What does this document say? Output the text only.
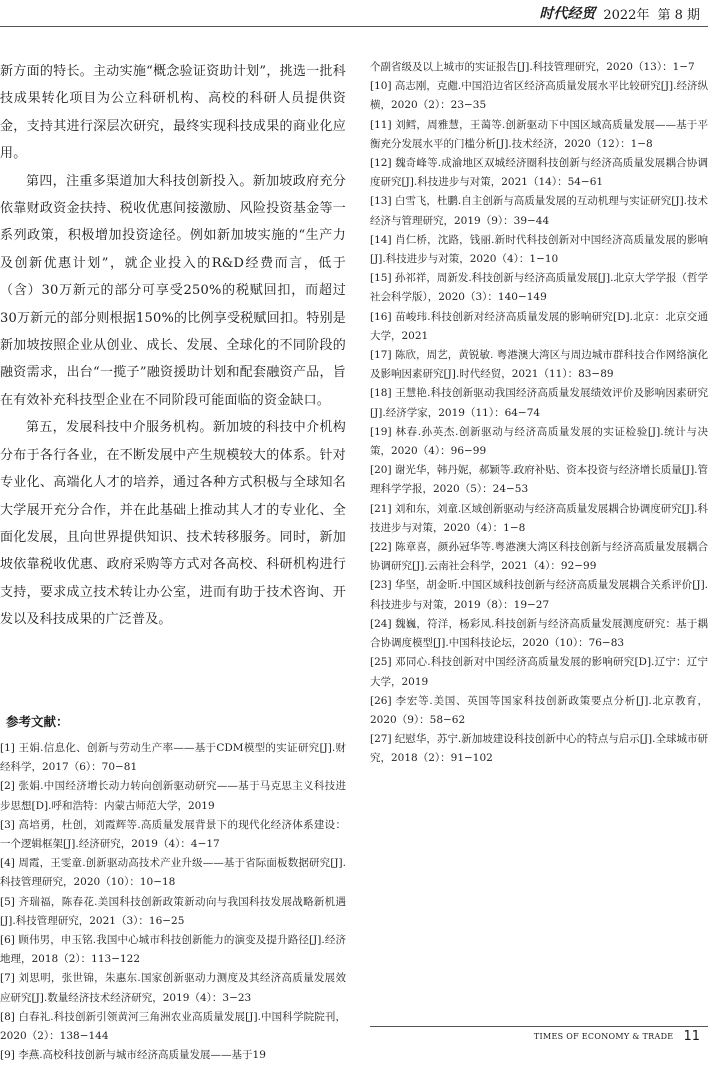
时代经贸 2022年 第 8 期

新方面的特长。主动实施“概念验证资助计划”，挑选一批科技成果转化项目为公立科研机构、高校的科研人员提供资金，支持其进行深层次研究，最终实现科技成果的商业化应用。

第四，注重多渠道加大科技创新投入。新加坡政府充分依靠财政资金扶持、税收优惠间接激励、风险投资基金等一系列政策，积极增加投资途径。例如新加坡实施的“生产力及创新优惠计划”，就企业投入的R&D经费而言，低于（含）30万新元的部分可享受250%的税赋回扣，而超过30万新元的部分则根据150%的比例享受税赋回扣。特别是新加坡按照企业从创业、成长、发展、全球化的不同阶段的融资需求，出台“一揽子”融资援助计划和配套融资产品，旨在有效补充科技型企业在不同阶段可能面临的资金缺口。

第五，发展科技中介服务机构。新加坡的科技中介机构分布于各行各业，在不断发展中产生规模较大的体系。针对专业化、高端化人才的培养，通过各种方式积极与全球知名大学展开充分合作，并在此基础上推动其人才的专业化、全面化发展，且向世界提供知识、技术转移服务。同时，新加坡依靠税收优惠、政府采购等方式对各高校、科研机构进行支持，要求成立技术转让办公室，进而有助于技术咨询、开发以及科技成果的广泛普及。

参考文献：

[1] 王娟.信息化、创新与劳动生产率——基于CDM模型的实证研究[J].财经科学，2017（6）：70−81

[2] 张娟.中国经济增长动力转向创新驱动研究——基于马克思主义科技进步思想[D].呼和浩特：内蒙古师范大学，2019

[3] 高培勇，杜创，刘霞辉等.高质量发展背景下的现代化经济体系建设：一个逻辑框架[J].经济研究，2019（4）：4−17

[4] 周霞，王雯童.创新驱动高技术产业升级——基于省际面板数据研究[J].科技管理研究，2020（10）：10−18

[5] 齐瑞福，陈春花.美国科技创新政策新动向与我国科技发展战略新机遇[J].科技管理研究，2021（3）：16−25

[6] 顾伟男，申玉铭.我国中心城市科技创新能力的演变及提升路径[J].经济地理，2018（2）：113−122

[7] 刘思明，张世锦，朱惠东.国家创新驱动力测度及其经济高质量发展效应研究[J].数量经济技术经济研究，2019（4）：3−23

[8] 白春礼.科技创新引领黄河三角洲农业高质量发展[J].中国科学院院刊，2020（2）：138−144

[9] 李燕.高校科技创新与城市经济高质量发展——基于19

个副省级及以上城市的实证报告[J].科技管理研究，2020（13）：1−7

[10] 高志刚，克甝.中国沿边省区经济高质量发展水平比较研究[J].经济纵横，2020（2）：23−35

[11] 刘鳕，周雅慧，王蔼等.创新驱动下中国区域高质量发展——基于平衡充分发展水平的门槛分析[J].技术经济，2020（12）：1−8

[12] 魏奇峰等.成渝地区双城经济圈科技创新与经济高质量发展耦合协调度研究[J].科技进步与对策，2021（14）：54−61

[13] 白雪飞，杜鹏.自主创新与高质量发展的互动机理与实证研究[J].技术经济与管理研究，2019（9）：39−44

[14] 肖仁桥，沈路，钱丽.新时代科技创新对中国经济高质量发展的影响[J].科技进步与对策，2020（4）：1−10

[15] 孙祁祥，周新发.科技创新与经济高质量发展[J].北京大学学报（哲学社会科学版），2020（3）：140−149

[16] 苗峻玮.科技创新对经济高质量发展的影响研究[D].北京：北京交通大学，2021

[17] 陈欣，周艺，黄锐敏. 粤港澳大湾区与周边城市群科技合作网络演化及影响因素研究[J].时代经贸，2021（11）：83−89

[18] 王慧艳.科技创新驱动我国经济高质量发展绩效评价及影响因素研究[J].经济学家，2019（11）：64−74

[19] 林春.孙英杰.创新驱动与经济高质量发展的实证检验[J].统计与决策，2020（4）：96−99

[20] 谢光华，韩丹妮，郝颖等.政府补贴、资本投资与经济增长质量[J].管理科学学报，2020（5）：24−53

[21] 刘和东，刘童.区域创新驱动与经济高质量发展耦合协调度研究[J].科技进步与对策，2020（4）：1−8

[22] 陈章喜，颜孙冠华等.粤港澳大湾区科技创新与经济高质量发展耦合协调研究[J].云南社会科学，2021（4）：92−99

[23] 华坚，胡金昕.中国区域科技创新与经济高质量发展耦合关系评价[J].科技进步与对策，2019（8）：19−27

[24] 魏巍，符洋，杨彩凤.科技创新与经济高质量发展测度研究：基于耦合协调度模型[J].中国科技论坛，2020（10）：76−83

[25] 邓同心.科技创新对中国经济高质量发展的影响研究[D].辽宁：辽宁大学，2019

[26] 李宏等.美国、英国等国家科技创新政策要点分析[J].北京教育，2020（9）：58−62

[27] 纪慰华，苏宁.新加坡建设科技创新中心的特点与启示[J].全球城市研究，2018（2）：91−102

TIMES OF ECONOMY & TRADE 11
